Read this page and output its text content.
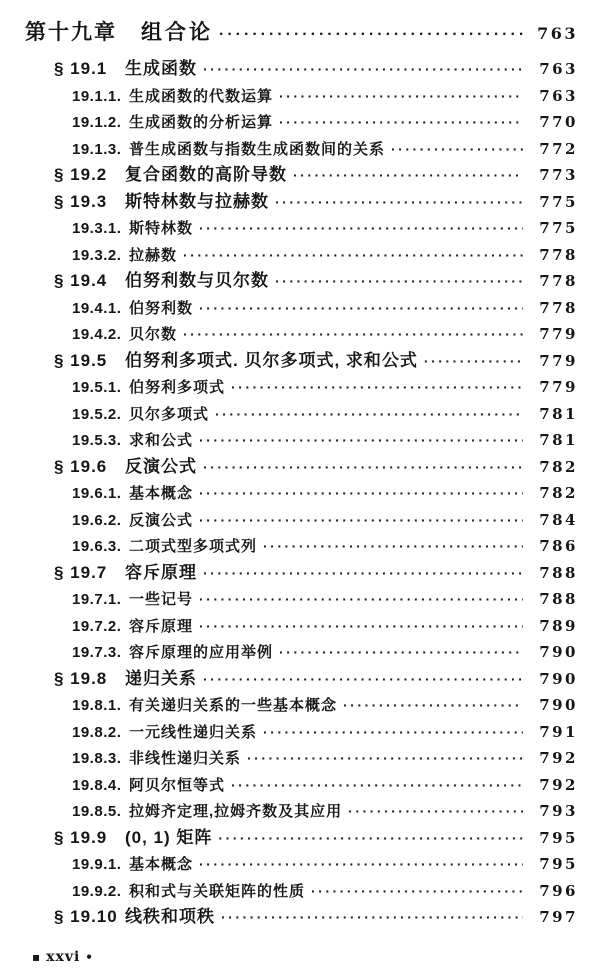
第十九章 组合论 ·····	763
§ 19.1	生成函数 ·····	763
19.1.1. 生成函数的代数运算 ·····	763
19.1.2. 生成函数的分析运算 ·····	770
19.1.3. 普生成函数与指数生成函数间的关系 ·····	772
§ 19.2	复合函数的高阶导数 ·····	773
§ 19.3	斯特林数与拉赫数 ·····	775
19.3.1. 斯特林数 ·····	775
19.3.2. 拉赫数 ·····	778
§ 19.4	伯努利数与贝尔数 ·····	778
19.4.1. 伯努利数 ·····	778
19.4.2. 贝尔数 ·····	779
§ 19.5	伯努利多项式. 贝尔多项式, 求和公式 ·····	779
19.5.1. 伯努利多项式 ·····	779
19.5.2. 贝尔多项式 ·····	781
19.5.3. 求和公式 ·····	781
§ 19.6	反演公式 ·····	782
19.6.1. 基本概念 ·····	782
19.6.2. 反演公式 ·····	784
19.6.3. 二项式型多项式列 ·····	786
§ 19.7	容斥原理 ·····	788
19.7.1. 一些记号 ·····	788
19.7.2. 容斥原理 ·····	789
19.7.3. 容斥原理的应用举例 ·····	790
§ 19.8	递归关系 ·····	790
19.8.1. 有关递归关系的一些基本概念 ·····	790
19.8.2. 一元线性递归关系 ·····	791
19.8.3. 非线性递归关系 ·····	792
19.8.4. 阿贝尔恒等式 ·····	792
19.8.5. 拉姆齐定理,拉姆齐数及其应用 ·····	793
§ 19.9	(0, 1) 矩阵 ·····	795
19.9.1. 基本概念 ·····	795
19.9.2. 积和式与关联矩阵的性质 ·····	796
§ 19.10 线秩和项秩 ·····	797
▪ xxvi •
